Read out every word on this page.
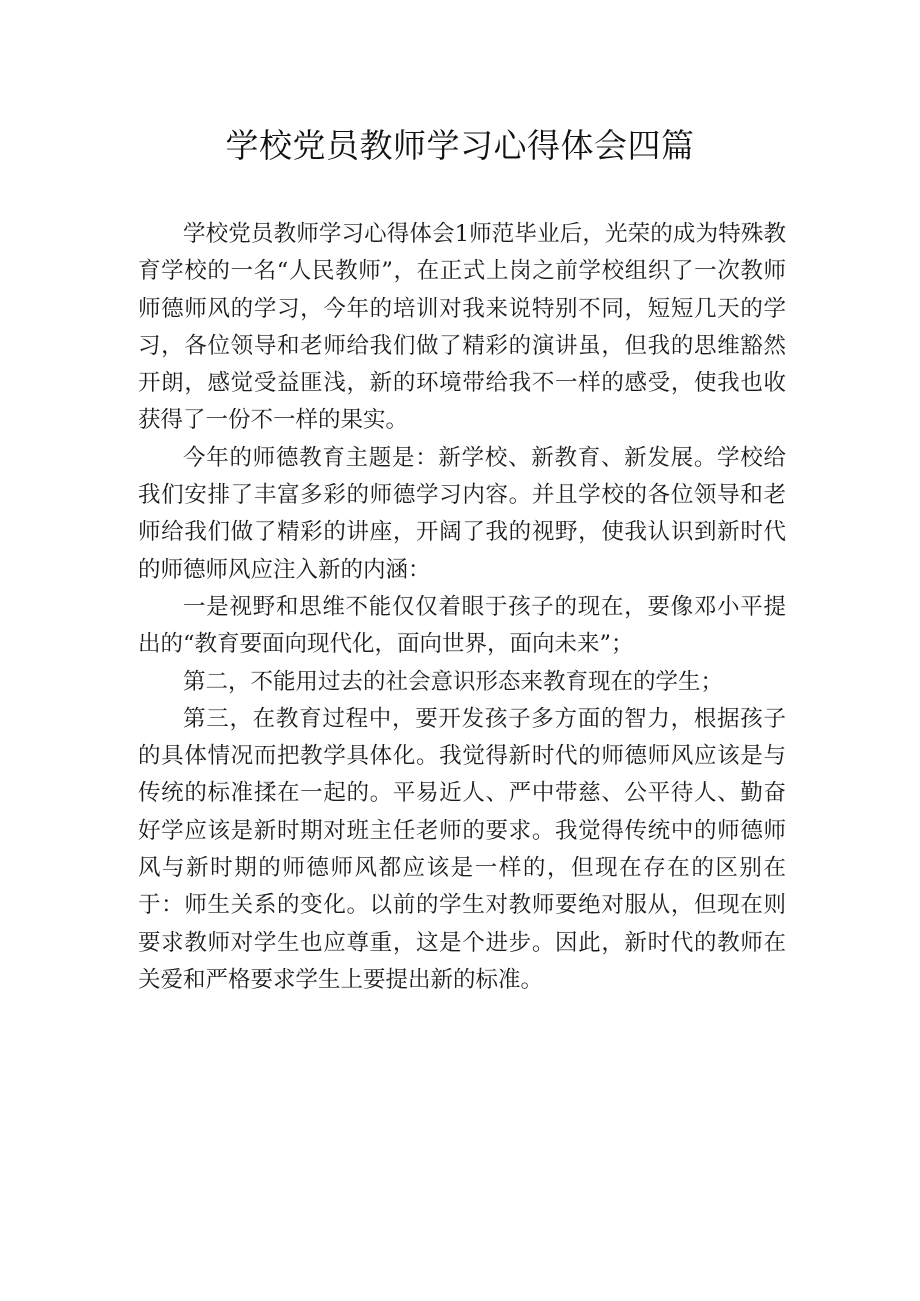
学校党员教师学习心得体会四篇

学校党员教师学习心得体会1师范毕业后，光荣的成为特殊教育学校的一名“人民教师”，在正式上岗之前学校组织了一次教师师德师风的学习，今年的培训对我来说特别不同，短短几天的学习，各位领导和老师给我们做了精彩的演讲虽，但我的思维豁然开朗，感觉受益匪浅，新的环境带给我不一样的感受，使我也收获得了一份不一样的果实。

今年的师德教育主题是：新学校、新教育、新发展。学校给我们安排了丰富多彩的师德学习内容。并且学校的各位领导和老师给我们做了精彩的讲座，开阔了我的视野，使我认识到新时代的师德师风应注入新的内涵：

一是视野和思维不能仅仅着眼于孩子的现在，要像邓小平提出的“教育要面向现代化，面向世界，面向未来”；

第二，不能用过去的社会意识形态来教育现在的学生；

第三，在教育过程中，要开发孩子多方面的智力，根据孩子的具体情况而把教学具体化。我觉得新时代的师德师风应该是与传统的标准揉在一起的。平易近人、严中带慈、公平待人、勤奋好学应该是新时期对班主任老师的要求。我觉得传统中的师德师风与新时期的师德师风都应该是一样的，但现在存在的区别在于：师生关系的变化。以前的学生对教师要绝对服从，但现在则要求教师对学生也应尊重，这是个进步。因此，新时代的教师在关爱和严格要求学生上要提出新的标准。
